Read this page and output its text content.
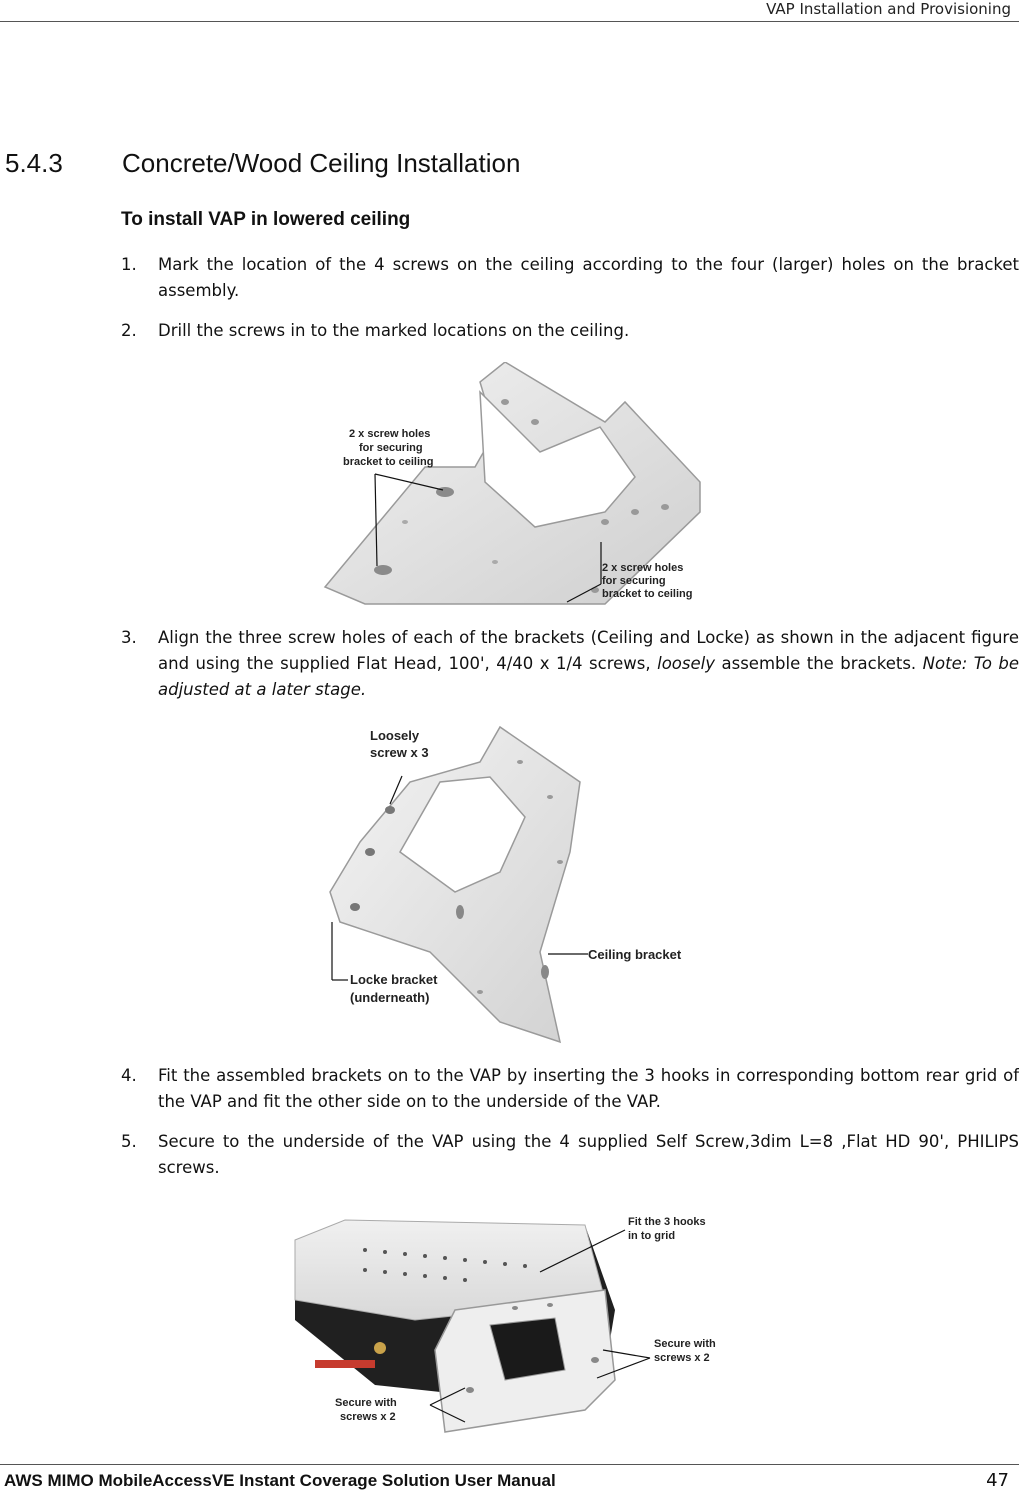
VAP Installation and Provisioning
5.4.3 Concrete/Wood Ceiling Installation
To install VAP in lowered ceiling
1. Mark the location of the 4 screws on the ceiling according to the four (larger) holes on the bracket assembly.
2. Drill the screws in to the marked locations on the ceiling.
2 x screw holes
for securing
bracket to ceiling
2 x screw holes
for securing
bracket to ceiling
3. Align the three screw holes of each of the brackets (Ceiling and Locke) as shown in the adjacent figure and using the supplied Flat Head, 100', 4/40 x 1/4 screws, loosely assemble the brackets. Note: To be adjusted at a later stage.
Loosely
screw x 3
Ceiling bracket
Locke bracket
(underneath)
4. Fit the assembled brackets on to the VAP by inserting the 3 hooks in corresponding bottom rear grid of the VAP and fit the other side on to the underside of the VAP.
5. Secure to the underside of the VAP using the 4 supplied Self Screw,3dim L=8 ,Flat HD 90', PHILIPS screws.
Fit the 3 hooks
in to grid
Secure with
screws x 2
Secure with
screws x 2
AWS MIMO MobileAccessVE Instant Coverage Solution User Manual	47
